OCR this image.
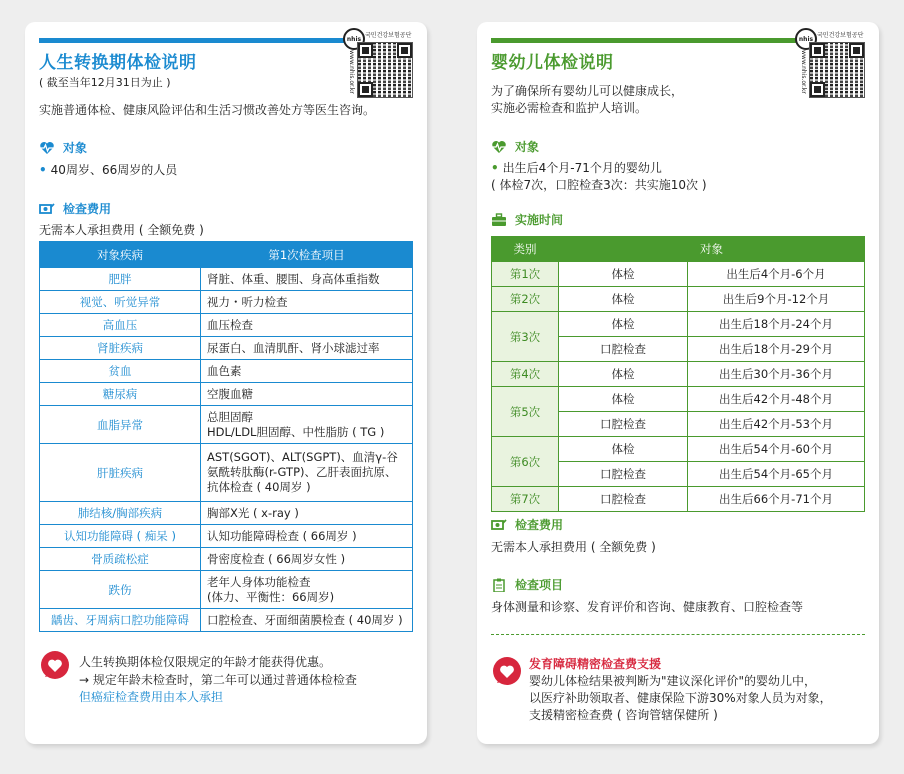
人生转换期体检说明
nhis 국민건강보험공단
www.nhis.or.kr
( 截至当年12月31日为止 )
实施普通体检、健康风险评估和生活习惯改善处方等医生咨询。
对象
• 40周岁、66周岁的人员
检查费用
无需本人承担费用 ( 全额免费 )
对象疾病	第1次检查项目
肥胖	肾脏、体重、腰围、身高体重指数
视觉、听觉异常	视力・听力检查
高血压	血压检查
肾脏疾病	尿蛋白、血清肌酐、肾小球滤过率
贫血	血色素
糖尿病	空腹血糖
血脂异常	总胆固醇
HDL/LDL胆固醇、中性脂肪 ( TG )
肝脏疾病	AST(SGOT)、ALT(SGPT)、血清γ-谷
氨酰转肽酶(r-GTP)、乙肝表面抗原、
抗体检查 ( 40周岁 )
肺结核/胸部疾病	胸部X光 ( x-ray )
认知功能障碍 ( 痴呆 )	认知功能障碍检查 ( 66周岁 )
骨质疏松症	骨密度检查 ( 66周岁女性 )
跌伤	老年人身体功能检查
(体力、平衡性：66周岁)
龋齿、牙周病口腔功能障碍	口腔检查、牙面细菌膜检查 ( 40周岁 )
人生转换期体检仅限规定的年龄才能获得优惠。
→ 规定年龄未检查时，第二年可以通过普通体检检查
但癌症检查费用由本人承担
婴幼儿体检说明
nhis 국민건강보험공단
www.nhis.or.kr
为了确保所有婴幼儿可以健康成长，
实施必需检查和监护人培训。
对象
• 出生后4个月-71个月的婴幼儿
( 体检7次，口腔检查3次：共实施10次 )
实施时间
类别	对象	
第1次	体检	出生后4个月-6个月
第2次	体检	出生后9个月-12个月
第3次	体检	出生后18个月-24个月
	口腔检查	出生后18个月-29个月
第4次	体检	出生后30个月-36个月
第5次	体检	出生后42个月-48个月
	口腔检查	出生后42个月-53个月
第6次	体检	出生后54个月-60个月
	口腔检查	出生后54个月-65个月
第7次	口腔检查	出生后66个月-71个月
检查费用
无需本人承担费用 ( 全额免费 )
检查项目
身体测量和诊察、发育评价和咨询、健康教育、口腔检查等
发育障碍精密检查费支援
婴幼儿体检结果被判断为"建议深化评价"的婴幼儿中，
以医疗补助领取者、健康保险下游30%对象人员为对象，
支援精密检查费 ( 咨询管辖保健所 )
